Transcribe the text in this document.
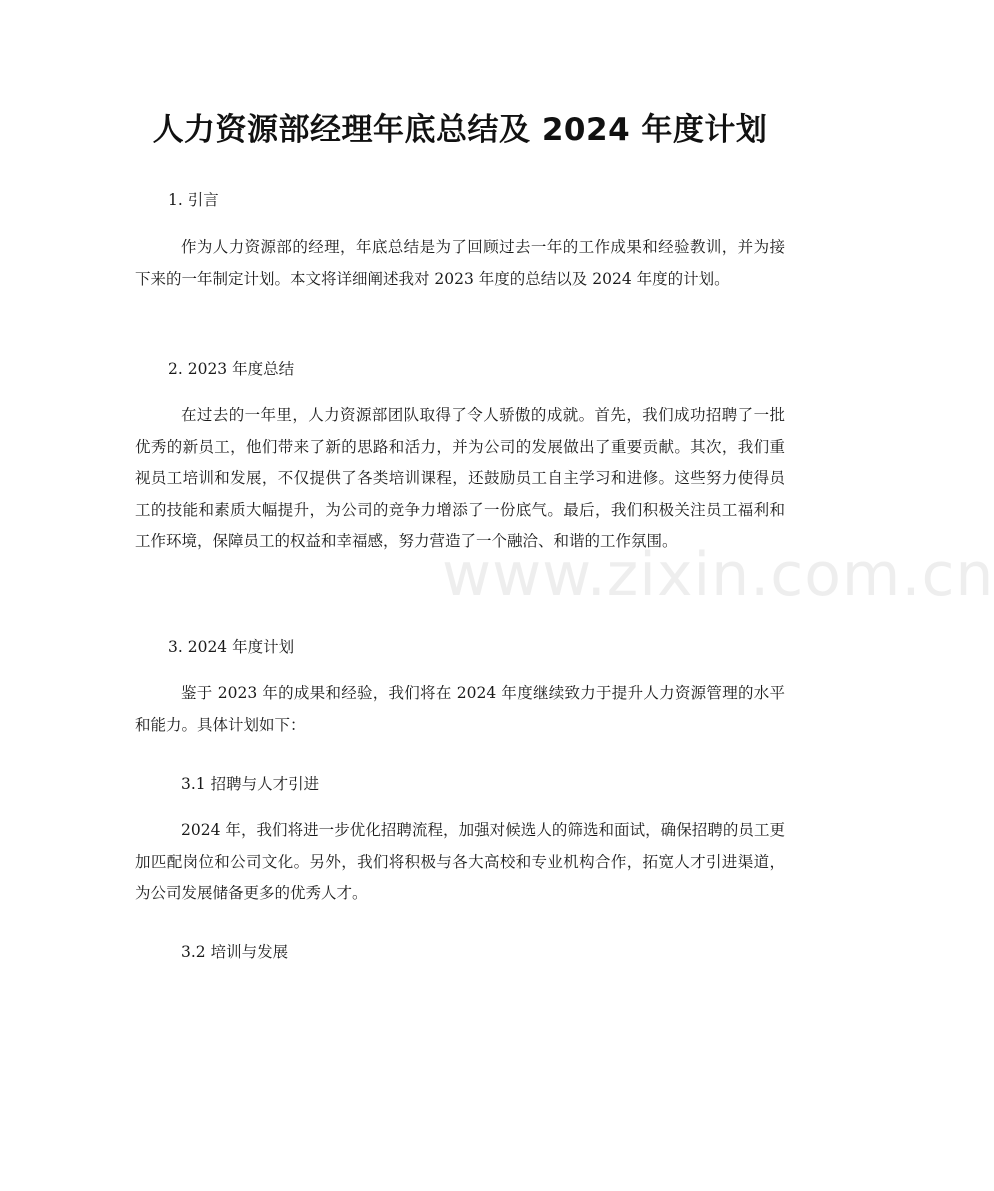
www.zixin.com.cn
人力资源部经理年底总结及 2024 年度计划
1. 引言
作为人力资源部的经理，年底总结是为了回顾过去一年的工作成果和经验教训，并为接下来的一年制定计划。本文将详细阐述我对 2023 年度的总结以及 2024 年度的计划。
2. 2023 年度总结
在过去的一年里，人力资源部团队取得了令人骄傲的成就。首先，我们成功招聘了一批优秀的新员工，他们带来了新的思路和活力，并为公司的发展做出了重要贡献。其次，我们重视员工培训和发展，不仅提供了各类培训课程，还鼓励员工自主学习和进修。这些努力使得员工的技能和素质大幅提升，为公司的竞争力增添了一份底气。最后，我们积极关注员工福利和工作环境，保障员工的权益和幸福感，努力营造了一个融洽、和谐的工作氛围。
3. 2024 年度计划
鉴于 2023 年的成果和经验，我们将在 2024 年度继续致力于提升人力资源管理的水平和能力。具体计划如下：
3.1 招聘与人才引进
2024 年，我们将进一步优化招聘流程，加强对候选人的筛选和面试，确保招聘的员工更加匹配岗位和公司文化。另外，我们将积极与各大高校和专业机构合作，拓宽人才引进渠道，为公司发展储备更多的优秀人才。
3.2 培训与发展
